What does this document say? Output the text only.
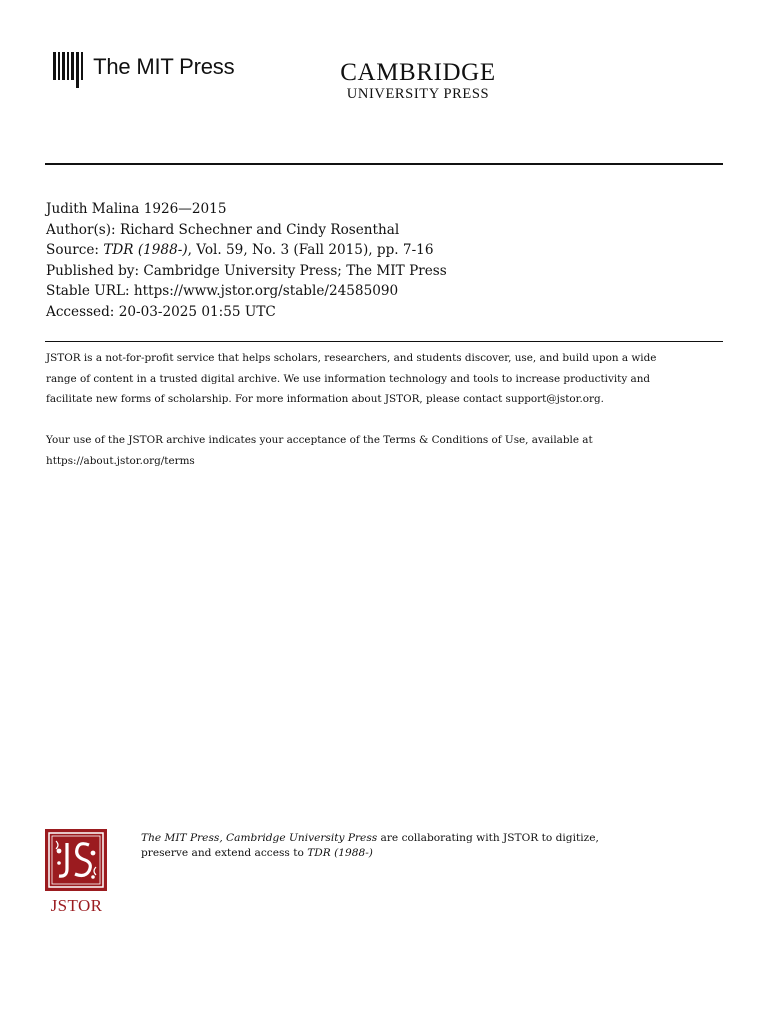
The MIT Press	CAMBRIDGE
UNIVERSITY PRESS
Judith Malina 1926—2015
Author(s): Richard Schechner and Cindy Rosenthal
Source: TDR (1988-), Vol. 59, No. 3 (Fall 2015), pp. 7-16
Published by: Cambridge University Press; The MIT Press
Stable URL: https://www.jstor.org/stable/24585090
Accessed: 20-03-2025 01:55 UTC

JSTOR is a not-for-profit service that helps scholars, researchers, and students discover, use, and build upon a wide

range of content in a trusted digital archive. We use information technology and tools to increase productivity and

facilitate new forms of scholarship. For more information about JSTOR, please contact support@jstor.org.

Your use of the JSTOR archive indicates your acceptance of the Terms & Conditions of Use, available at

https://about.jstor.org/terms

JSTOR
The MIT Press, Cambridge University Press are collaborating with JSTOR to digitize,
preserve and extend access to TDR (1988-)
